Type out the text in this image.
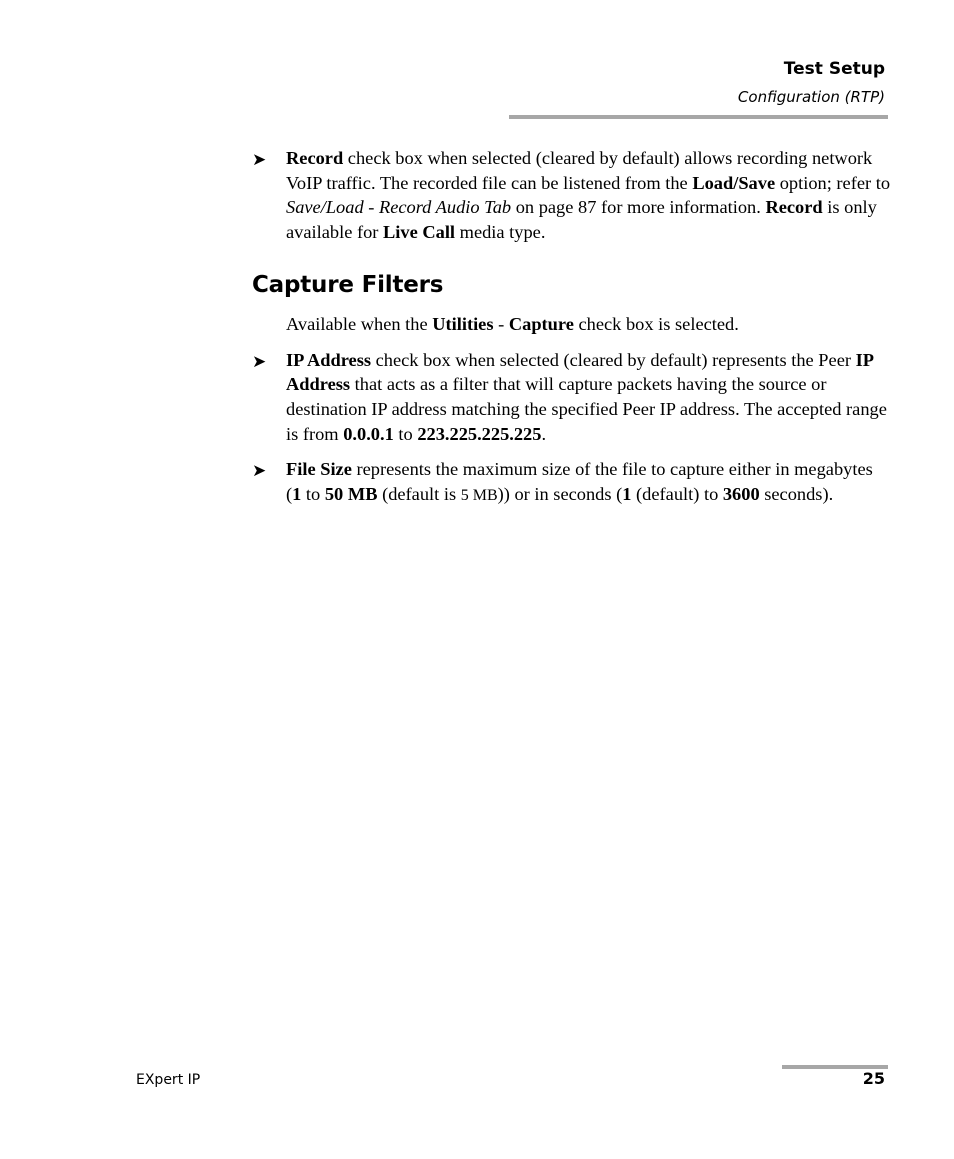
Test Setup
Configuration (RTP)
➤ Record check box when selected (cleared by default) allows recording network VoIP traffic. The recorded file can be listened from the Load/Save option; refer to Save/Load - Record Audio Tab on page 87 for more information. Record is only available for Live Call media type.
Capture Filters
Available when the Utilities - Capture check box is selected.
➤ IP Address check box when selected (cleared by default) represents the Peer IP Address that acts as a filter that will capture packets having the source or destination IP address matching the specified Peer IP address. The accepted range is from 0.0.0.1 to 223.225.225.225.
➤ File Size represents the maximum size of the file to capture either in megabytes (1 to 50 MB (default is 5 MB)) or in seconds (1 (default) to 3600 seconds).
EXpert IP	25
